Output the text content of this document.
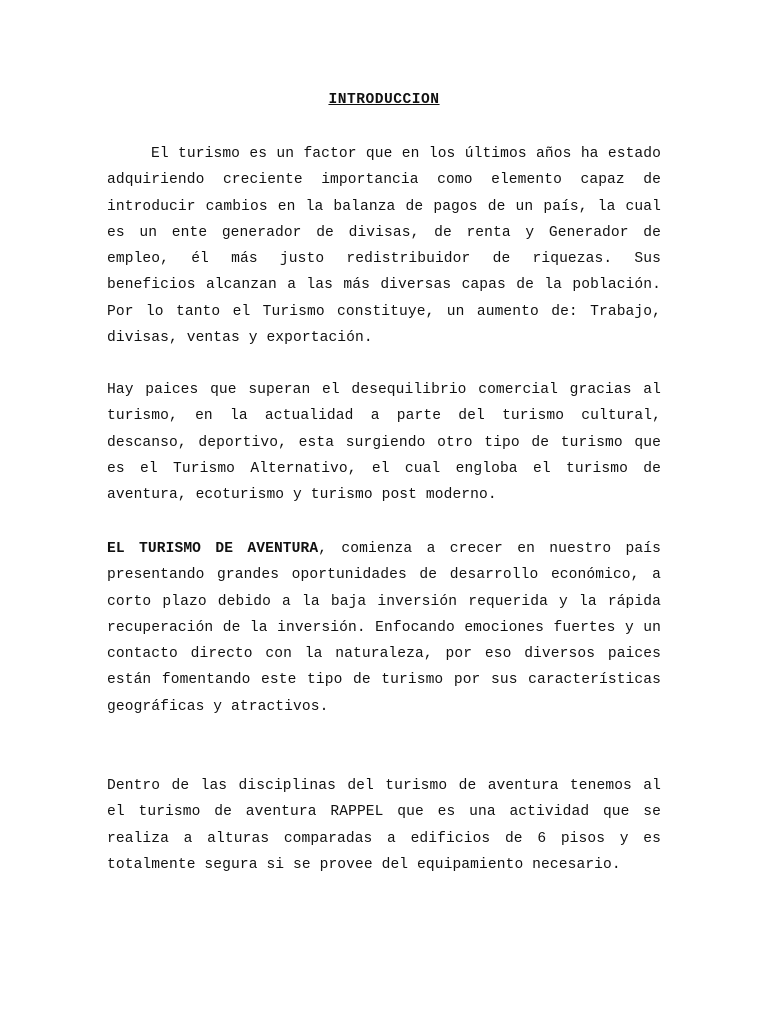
INTRODUCCION

El turismo es un factor que en los últimos años ha estado adquiriendo creciente importancia como elemento capaz de introducir cambios en la balanza de pagos de un país, la cual es un ente generador de divisas, de renta y Generador de empleo, él más justo redistribuidor de riquezas. Sus beneficios alcanzan a las más diversas capas de la población. Por lo tanto el Turismo constituye, un aumento de: Trabajo, divisas, ventas y exportación.

Hay paices que superan el desequilibrio comercial gracias al turismo, en la actualidad a parte del turismo cultural, descanso, deportivo, esta surgiendo otro tipo de turismo que es el Turismo Alternativo, el cual engloba el turismo de aventura, ecoturismo y turismo post moderno.

EL TURISMO DE AVENTURA, comienza a crecer en nuestro país presentando grandes oportunidades de desarrollo económico, a corto plazo debido a la baja inversión requerida y la rápida recuperación de la inversión. Enfocando emociones fuertes y un contacto directo con la naturaleza, por eso diversos paices están fomentando este tipo de turismo por sus características geográficas y atractivos.

Dentro de las disciplinas del turismo de aventura tenemos al el turismo de aventura RAPPEL que es una actividad que se realiza a alturas comparadas a edificios de 6 pisos y es totalmente segura si se provee del equipamiento necesario.
